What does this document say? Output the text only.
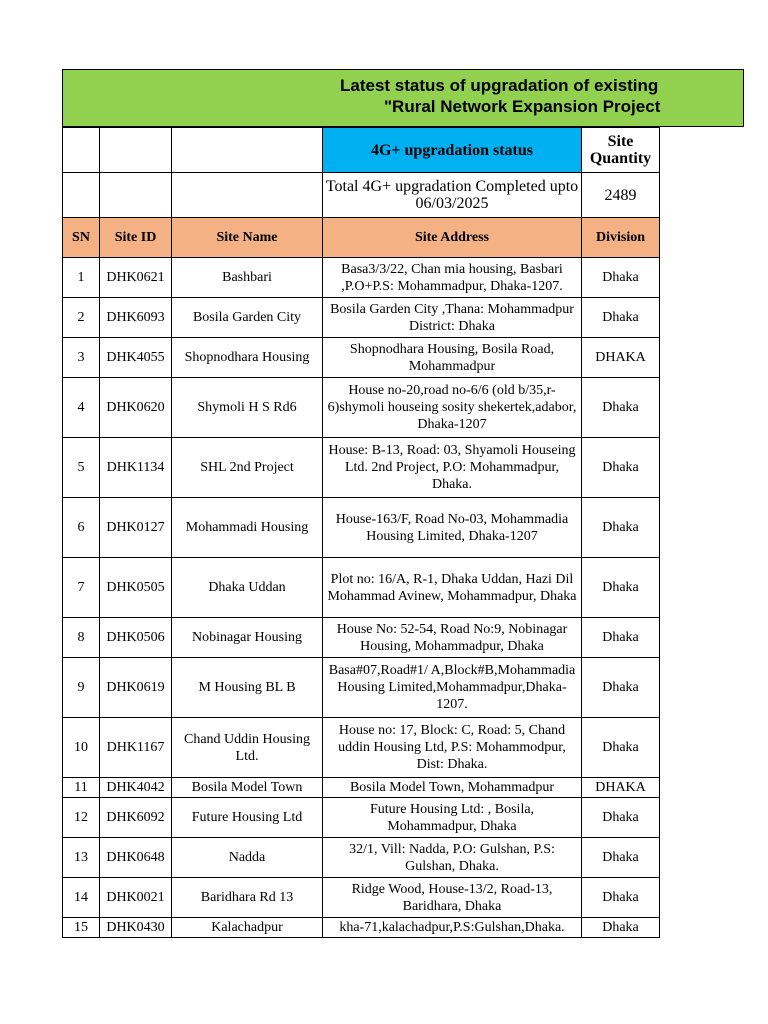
Latest status of upgradation of existing
"Rural Network Expansion Project
			4G+ upgradation status	Site Quantity
			Total 4G+ upgradation Completed upto 06/03/2025	2489
SN	Site ID	Site Name	Site Address	Division
1	DHK0621	Bashbari	Basa3/3/22, Chan mia housing, Basbari ,P.O+P.S: Mohammadpur, Dhaka-1207.	Dhaka
2	DHK6093	Bosila Garden City	Bosila Garden City ,Thana: Mohammadpur District: Dhaka	Dhaka
3	DHK4055	Shopnodhara Housing	Shopnodhara Housing, Bosila Road, Mohammadpur	DHAKA
4	DHK0620	Shymoli H S Rd6	House no-20,road no-6/6 (old b/35,r-6)shymoli houseing sosity shekertek,adabor, Dhaka-1207	Dhaka
5	DHK1134	SHL 2nd Project	House: B-13, Road: 03, Shyamoli Houseing Ltd. 2nd Project, P.O: Mohammadpur, Dhaka.	Dhaka
6	DHK0127	Mohammadi Housing	House-163/F, Road No-03, Mohammadia Housing Limited, Dhaka-1207	Dhaka
7	DHK0505	Dhaka Uddan	Plot no: 16/A, R-1, Dhaka Uddan, Hazi Dil Mohammad Avinew, Mohammadpur, Dhaka	Dhaka
8	DHK0506	Nobinagar Housing	House No: 52-54, Road No:9, Nobinagar Housing, Mohammadpur, Dhaka	Dhaka
9	DHK0619	M Housing BL B	Basa#07,Road#1/ A,Block#B,Mohammadia Housing Limited,Mohammadpur,Dhaka-1207.	Dhaka
10	DHK1167	Chand Uddin Housing Ltd.	House no: 17, Block: C, Road: 5, Chand uddin Housing Ltd, P.S: Mohammodpur, Dist: Dhaka.	Dhaka
11	DHK4042	Bosila Model Town	Bosila Model Town, Mohammadpur	DHAKA
12	DHK6092	Future Housing Ltd	Future Housing Ltd: , Bosila, Mohammadpur, Dhaka	Dhaka
13	DHK0648	Nadda	32/1, Vill: Nadda, P.O: Gulshan, P.S: Gulshan, Dhaka.	Dhaka
14	DHK0021	Baridhara Rd 13	Ridge Wood, House-13/2, Road-13, Baridhara, Dhaka	Dhaka
15	DHK0430	Kalachadpur	kha-71,kalachadpur,P.S:Gulshan,Dhaka.	Dhaka
